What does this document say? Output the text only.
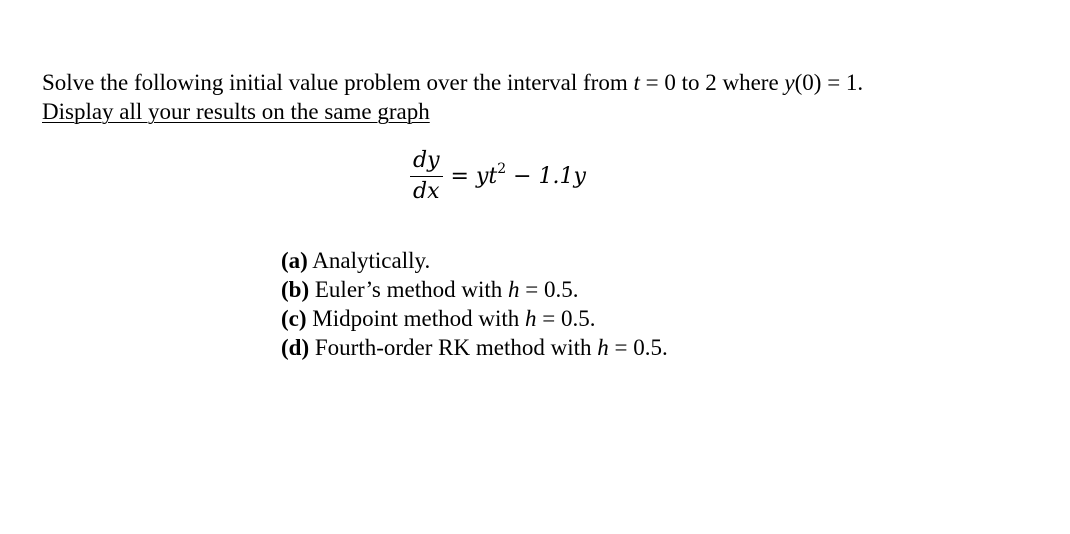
Solve the following initial value problem over the interval from t = 0 to 2 where y(0) = 1.
Display all your results on the same graph
$\frac{dy}{dx} = yt^2 - 1.1y$
(a) Analytically.
(b) Euler’s method with h = 0.5.
(c) Midpoint method with h = 0.5.
(d) Fourth-order RK method with h = 0.5.
